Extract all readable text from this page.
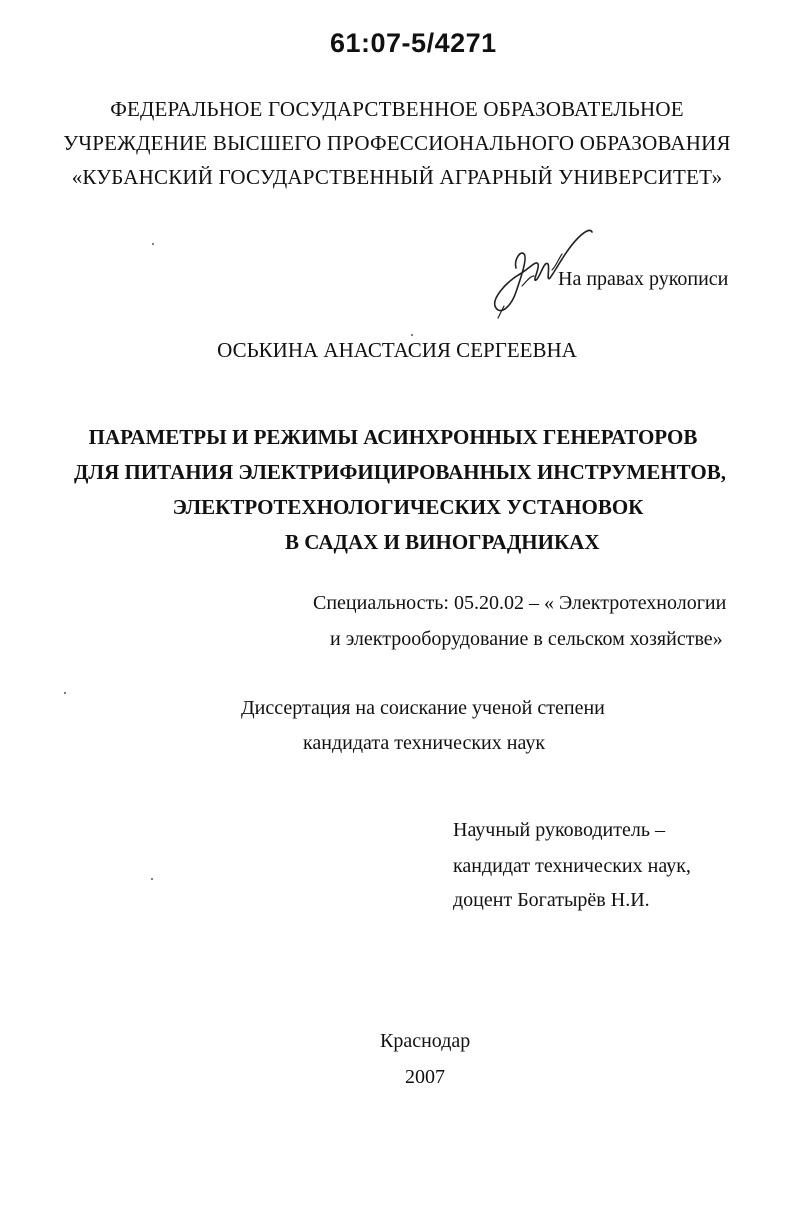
61:07-5/4271
ФЕДЕРАЛЬНОЕ ГОСУДАРСТВЕННОЕ ОБРАЗОВАТЕЛЬНОЕ
УЧРЕЖДЕНИЕ ВЫСШЕГО ПРОФЕССИОНАЛЬНОГО ОБРАЗОВАНИЯ
«КУБАНСКИЙ ГОСУДАРСТВЕННЫЙ АГРАРНЫЙ УНИВЕРСИТЕТ»
На правах рукописи
ОСЬКИНА АНАСТАСИЯ СЕРГЕЕВНА
ПАРАМЕТРЫ И РЕЖИМЫ АСИНХРОННЫХ ГЕНЕРАТОРОВ
ДЛЯ ПИТАНИЯ ЭЛЕКТРИФИЦИРОВАННЫХ ИНСТРУМЕНТОВ,
ЭЛЕКТРОТЕХНОЛОГИЧЕСКИХ УСТАНОВОК
В САДАХ И ВИНОГРАДНИКАХ
Специальность: 05.20.02 – « Электротехнологии
и электрооборудование в сельском хозяйстве»
Диссертация на соискание ученой степени
кандидата технических наук
Научный руководитель –
кандидат технических наук,
доцент Богатырёв Н.И.
Краснодар
2007
